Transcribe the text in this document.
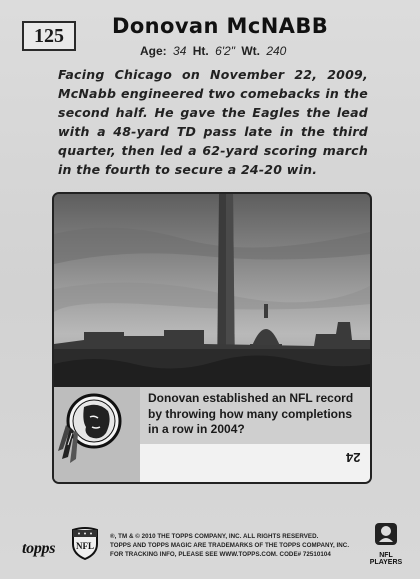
125	Donovan McNABB
Age: 34 Ht. 6'2" Wt. 240
Facing Chicago on November 22, 2009, McNabb engineered two comebacks in the second half. He gave the Eagles the lead with a 48-yard TD pass late in the third quarter, then led a 62-yard scoring march in the fourth to secure a 24-20 win.
Donovan established an NFL record by throwing how many completions in a row in 2004?
24
topps NFL
®, TM & © 2010 THE TOPPS COMPANY, INC. ALL RIGHTS RESERVED.
TOPPS AND TOPPS MAGIC ARE TRADEMARKS OF THE TOPPS COMPANY, INC.
FOR TRACKING INFO, PLEASE SEE WWW.TOPPS.COM. CODE# 72510104	NFL PLAYERS
